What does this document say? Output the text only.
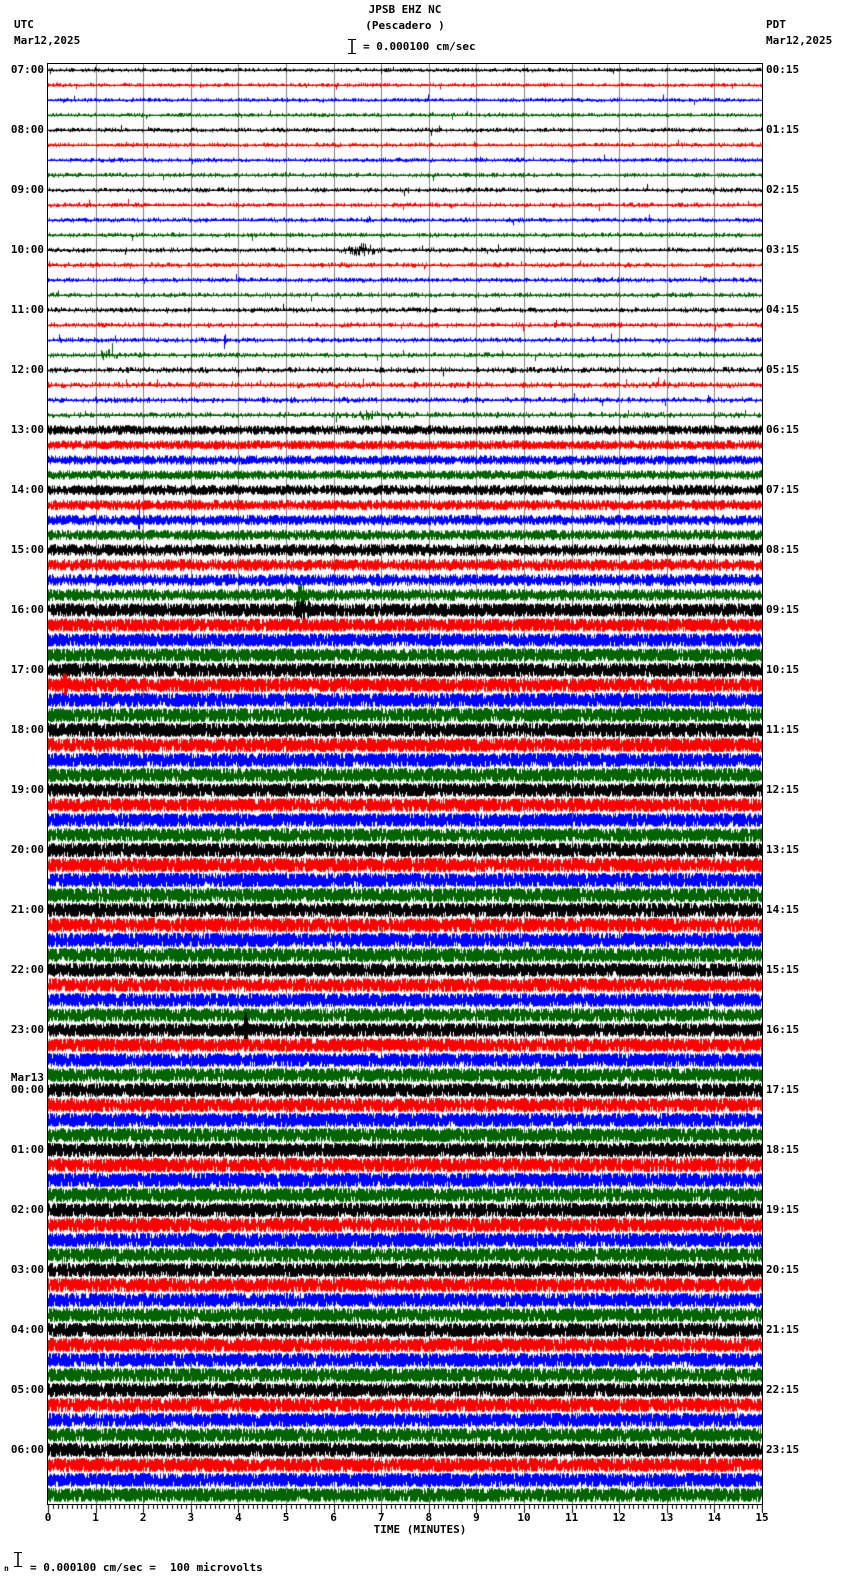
JPSB EHZ NC
(Pescadero )
UTC
Mar12,2025
PDT
Mar12,2025
= 0.000100 cm/sec
07:00
08:00
09:00
10:00
11:00
12:00
13:00
14:00
15:00
16:00
17:00
18:00
19:00
20:00
21:00
22:00
23:00
Mar13
00:00
01:00
02:00
03:00
04:00
05:00
06:00
00:15
01:15
02:15
03:15
04:15
05:15
06:15
07:15
08:15
09:15
10:15
11:15
12:15
13:15
14:15
15:15
16:15
17:15
18:15
19:15
20:15
21:15
22:15
23:15
0	1	2	3	4	5	6	7	8	9	10	11	12	13	14	15
TIME (MINUTES)
n = 0.000100 cm/sec = 100 microvolts
